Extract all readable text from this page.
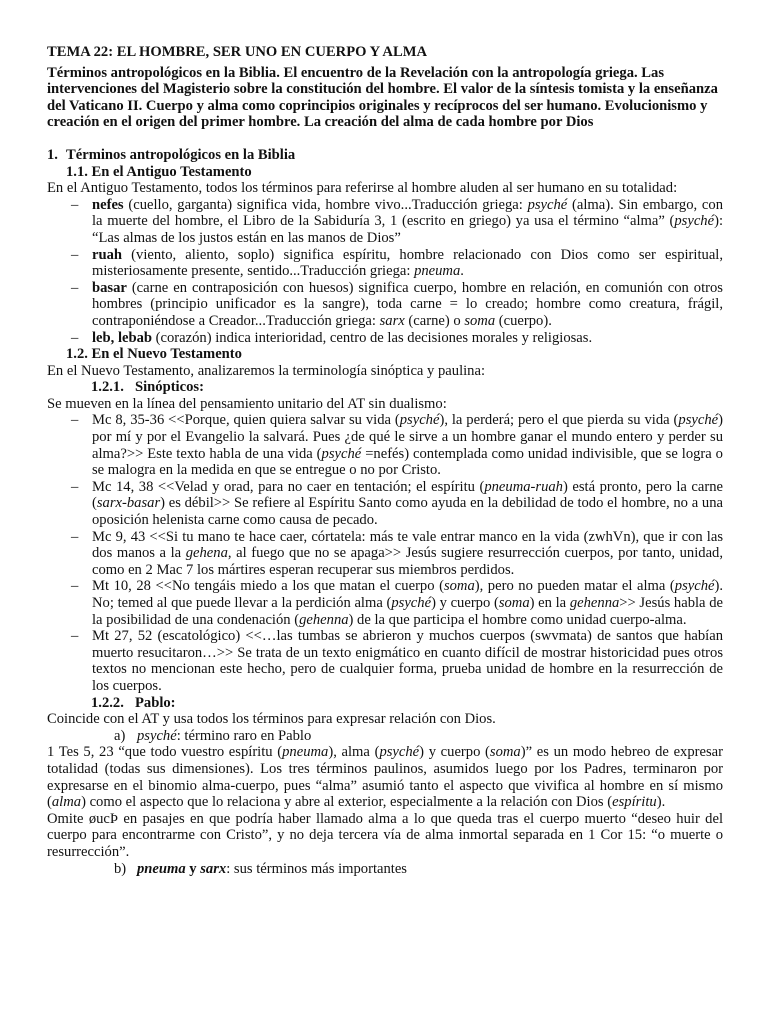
TEMA 22: EL HOMBRE, SER UNO EN CUERPO Y ALMA

Términos antropológicos en la Biblia. El encuentro de la Revelación con la antropología griega. Las intervenciones del Magisterio sobre la constitución del hombre. El valor de la síntesis tomista y la enseñanza del Vaticano II. Cuerpo y alma como coprincipios originales y recíprocos del ser humano. Evolucionismo y creación en el origen del primer hombre. La creación del alma de cada hombre por Dios

1. Términos antropológicos en la Biblia

1.1. En el Antiguo Testamento

En el Antiguo Testamento, todos los términos para referirse al hombre aluden al ser humano en su totalidad:

– nefes (cuello, garganta) significa vida, hombre vivo...Traducción griega: psyché (alma). Sin embargo, con la muerte del hombre, el Libro de la Sabiduría 3, 1 (escrito en griego) ya usa el término “alma” (psyché): “Las almas de los justos están en las manos de Dios”
– ruah (viento, aliento, soplo) significa espíritu, hombre relacionado con Dios como ser espiritual, misteriosamente presente, sentido...Traducción griega: pneuma.
– basar (carne en contraposición con huesos) significa cuerpo, hombre en relación, en comunión con otros hombres (principio unificador es la sangre), toda carne = lo creado; hombre como creatura, frágil, contraponiéndose a Creador...Traducción griega: sarx (carne) o soma (cuerpo).
– leb, lebab (corazón) indica interioridad, centro de las decisiones morales y religiosas.

1.2. En el Nuevo Testamento

En el Nuevo Testamento, analizaremos la terminología sinóptica y paulina:

1.2.1. Sinópticos:

Se mueven en la línea del pensamiento unitario del AT sin dualismo:

– Mc 8, 35-36 <<Porque, quien quiera salvar su vida (psyché), la perderá; pero el que pierda su vida (psyché) por mí y por el Evangelio la salvará. Pues ¿de qué le sirve a un hombre ganar el mundo entero y perder su alma?>> Este texto habla de una vida (psyché =nefés) contemplada como unidad indivisible, que se logra o se malogra en la medida en que se entregue o no por Cristo.
– Mc 14, 38 <<Velad y orad, para no caer en tentación; el espíritu (pneuma-ruah) está pronto, pero la carne (sarx-basar) es débil>> Se refiere al Espíritu Santo como ayuda en la debilidad de todo el hombre, no a una oposición helenista carne como causa de pecado.
– Mc 9, 43 <<Si tu mano te hace caer, córtatela: más te vale entrar manco en la vida (zwhVn), que ir con las dos manos a la gehena, al fuego que no se apaga>> Jesús sugiere resurrección cuerpos, por tanto, unidad, como en 2 Mac 7 los mártires esperan recuperar sus miembros perdidos.
– Mt 10, 28 <<No tengáis miedo a los que matan el cuerpo (soma), pero no pueden matar el alma (psyché). No; temed al que puede llevar a la perdición alma (psyché) y cuerpo (soma) en la gehenna>> Jesús habla de la posibilidad de una condenación (gehenna) de la que participa el hombre como unidad cuerpo-alma.
– Mt 27, 52 (escatológico) <<…las tumbas se abrieron y muchos cuerpos (swvmata) de santos que habían muerto resucitaron…>> Se trata de un texto enigmático en cuanto difícil de mostrar historicidad pues otros textos no mencionan este hecho, pero de cualquier forma, prueba unidad de hombre en la resurrección de los cuerpos.

1.2.2. Pablo:

Coincide con el AT y usa todos los términos para expresar relación con Dios.

a) psyché: término raro en Pablo

1 Tes 5, 23 “que todo vuestro espíritu (pneuma), alma (psyché) y cuerpo (soma)” es un modo hebreo de expresar totalidad (todas sus dimensiones). Los tres términos paulinos, asumidos luego por los Padres, terminaron por expresarse en el binomio alma-cuerpo, pues “alma” asumió tanto el aspecto que vivifica al hombre en sí mismo (alma) como el aspecto que lo relaciona y abre al exterior, especialmente a la relación con Dios (espíritu).

Omite øucÞ en pasajes en que podría haber llamado alma a lo que queda tras el cuerpo muerto “deseo huir del cuerpo para encontrarme con Cristo”, y no deja tercera vía de alma inmortal separada en 1 Cor 15: “o muerte o resurrección”.

b) pneuma y sarx: sus términos más importantes
